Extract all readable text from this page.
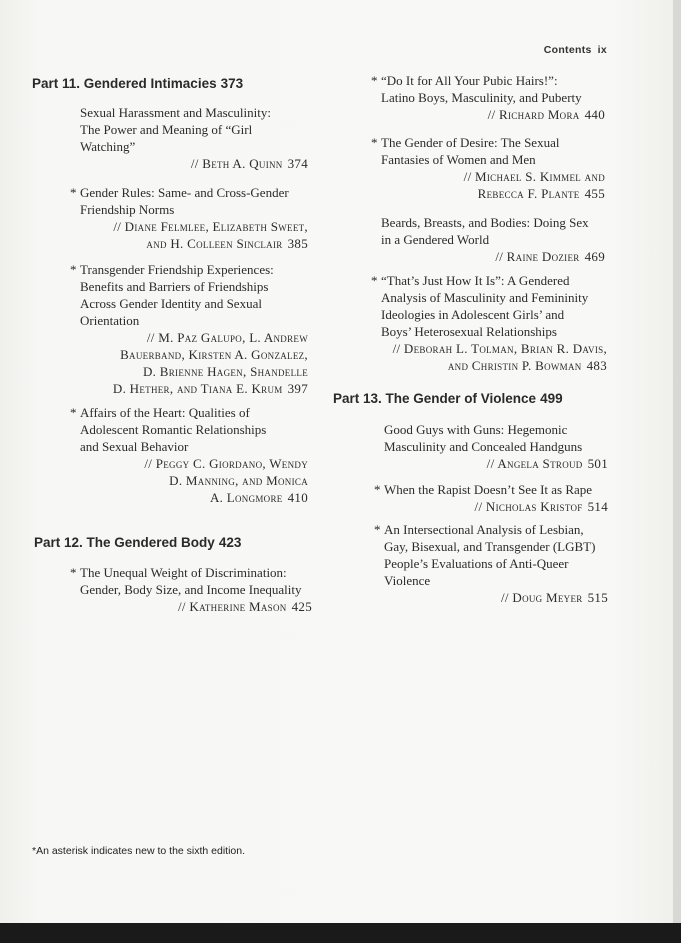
Contents ix
Part 11. Gendered Intimacies 373
Part 12. The Gendered Body 423
Part 13. The Gender of Violence 499
Sexual Harassment and Masculinity:
The Power and Meaning of “Girl
Watching”
// Beth A. Quinn 374
* Gender Rules: Same- and Cross-Gender
Friendship Norms
// Diane Felmlee, Elizabeth Sweet,
and H. Colleen Sinclair 385
* Transgender Friendship Experiences:
Benefits and Barriers of Friendships
Across Gender Identity and Sexual
Orientation
// M. Paz Galupo, L. Andrew
Bauerband, Kirsten A. Gonzalez,
D. Brienne Hagen, Shandelle
D. Hether, and Tiana E. Krum 397
* Affairs of the Heart: Qualities of
Adolescent Romantic Relationships
and Sexual Behavior
// Peggy C. Giordano, Wendy
D. Manning, and Monica
A. Longmore 410
* The Unequal Weight of Discrimination:
Gender, Body Size, and Income Inequality
// Katherine Mason 425
* “Do It for All Your Pubic Hairs!”:
Latino Boys, Masculinity, and Puberty
// Richard Mora 440
* The Gender of Desire: The Sexual
Fantasies of Women and Men
// Michael S. Kimmel and
Rebecca F. Plante 455
Beards, Breasts, and Bodies: Doing Sex
in a Gendered World
// Raine Dozier 469
* “That’s Just How It Is”: A Gendered
Analysis of Masculinity and Femininity
Ideologies in Adolescent Girls’ and
Boys’ Heterosexual Relationships
// Deborah L. Tolman, Brian R. Davis,
and Christin P. Bowman 483
Good Guys with Guns: Hegemonic
Masculinity and Concealed Handguns
// Angela Stroud 501
* When the Rapist Doesn’t See It as Rape
// Nicholas Kristof 514
* An Intersectional Analysis of Lesbian,
Gay, Bisexual, and Transgender (LGBT)
People’s Evaluations of Anti-Queer
Violence
// Doug Meyer 515
*An asterisk indicates new to the sixth edition.
